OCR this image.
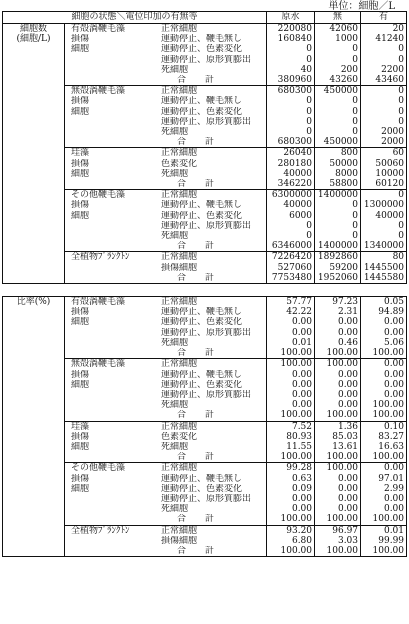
単位：細胞／L
細胞の状態＼電位印加の有無等		原水	無	有

細胞数
(細胞/L)	有殻渦鞭毛藻 正常細胞	220080	42060	20
	損傷 運動停止、鞭毛無し	160840	1000	41240
	細胞 運動停止、色素変化	0	0	0
	運動停止、原形質膨出	0	0	0
	死細胞	40	200	2200
	合 計	380960	43260	43460
	無殻渦鞭毛藻 正常細胞	680300	450000	0
	損傷 運動停止、鞭毛無し	0	0	0
	細胞 運動停止、色素変化	0	0	0
	運動停止、原形質膨出	0	0	0
	死細胞	0	0	2000
	合 計	680300	450000	2000
	珪藻 正常細胞	26040	800	60
	損傷 色素変化	280180	50000	50060
	細胞 死細胞	40000	8000	10000
	合 計	346220	58800	60120
	その他鞭毛藻 正常細胞	6300000	1400000	0
	損傷 運動停止、鞭毛無し	40000	0	1300000
	細胞 運動停止、色素変化	6000	0	40000
	運動停止、原形質膨出	0	0	0
	死細胞	0	0	0
	合 計	6346000	1400000	1340000
	全植物ﾌﾟﾗﾝｸﾄﾝ 正常細胞	7226420	1892860	80
	損傷細胞	527060	59200	1445500
	合 計	7753480	1952060	1445580

比率(%)	有殻渦鞭毛藻 正常細胞	57.77	97.23	0.05
	損傷 運動停止、鞭毛無し	42.22	2.31	94.89
	細胞 運動停止、色素変化	0.00	0.00	0.00
	運動停止、原形質膨出	0.00	0.00	0.00
	死細胞	0.01	0.46	5.06
	合 計	100.00	100.00	100.00
	無殻渦鞭毛藻 正常細胞	100.00	100.00	0.00
	損傷 運動停止、鞭毛無し	0.00	0.00	0.00
	細胞 運動停止、色素変化	0.00	0.00	0.00
	運動停止、原形質膨出	0.00	0.00	0.00
	死細胞	0.00	0.00	100.00
	合 計	100.00	100.00	100.00
	珪藻 正常細胞	7.52	1.36	0.10
	損傷 色素変化	80.93	85.03	83.27
	細胞 死細胞	11.55	13.61	16.63
	合 計	100.00	100.00	100.00
	その他鞭毛藻 正常細胞	99.28	100.00	0.00
	損傷 運動停止、鞭毛無し	0.63	0.00	97.01
	細胞 運動停止、色素変化	0.09	0.00	2.99
	運動停止、原形質膨出	0.00	0.00	0.00
	死細胞	0.00	0.00	0.00
	合 計	100.00	100.00	100.00
	全植物ﾌﾟﾗﾝｸﾄﾝ 正常細胞	93.20	96.97	0.01
	損傷細胞	6.80	3.03	99.99
	合 計	100.00	100.00	100.00
